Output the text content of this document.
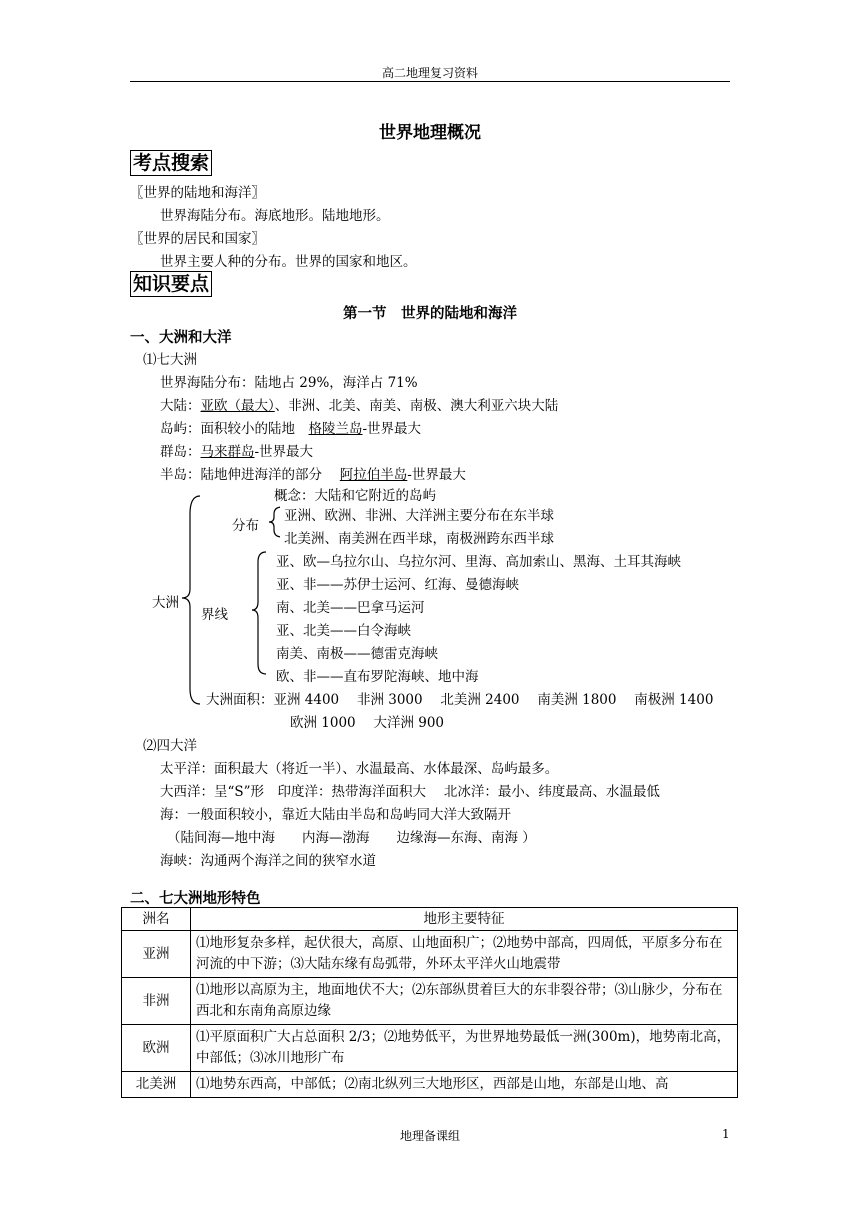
高二地理复习资料
世界地理概况
考点搜索
〖世界的陆地和海洋〗
世界海陆分布。海底地形。陆地地形。
〖世界的居民和国家〗
世界主要人种的分布。世界的国家和地区。
知识要点
第一节　世界的陆地和海洋
一、大洲和大洋
⑴七大洲
世界海陆分布：陆地占 29%，海洋占 71%
大陆：亚欧（最大）、非洲、北美、南美、南极、澳大利亚六块大陆
岛屿：面积较小的陆地　格陵兰岛-世界最大
群岛：马来群岛-世界最大
半岛：陆地伸进海洋的部分　 阿拉伯半岛-世界最大
大洲
概念：大陆和它附近的岛屿
分布
亚洲、欧洲、非洲、大洋洲主要分布在东半球
北美洲、南美洲在西半球，南极洲跨东西半球
界线
亚、欧—乌拉尔山、乌拉尔河、里海、高加索山、黑海、土耳其海峡
亚、非——苏伊士运河、红海、曼德海峡
南、北美——巴拿马运河
亚、北美——白令海峡
南美、南极——德雷克海峡
欧、非——直布罗陀海峡、地中海
大洲面积：亚洲 4400　 非洲 3000　 北美洲 2400　 南美洲 1800　 南极洲 1400
欧洲 1000　 大洋洲 900
⑵四大洋
太平洋：面积最大（将近一半）、水温最高、水体最深、岛屿最多。
大西洋：呈“S”形　印度洋：热带海洋面积大　 北冰洋：最小、纬度最高、水温最低
海：一般面积较小，靠近大陆由半岛和岛屿同大洋大致隔开
（陆间海—地中海　　内海—渤海　　边缘海—东海、南海 ）
海峡：沟通两个海洋之间的狭窄水道
二、七大洲地形特色
洲名	地形主要特征
亚洲	⑴地形复杂多样，起伏很大，高原、山地面积广；⑵地势中部高，四周低，平原多分布在河流的中下游；⑶大陆东缘有岛弧带，外环太平洋火山地震带
非洲	⑴地形以高原为主，地面地伏不大；⑵东部纵贯着巨大的东非裂谷带；⑶山脉少，分布在西北和东南角高原边缘
欧洲	⑴平原面积广大占总面积 2/3；⑵地势低平，为世界地势最低一洲(300m)，地势南北高，中部低；⑶冰川地形广布
北美洲	⑴地势东西高，中部低；⑵南北纵列三大地形区，西部是山地，东部是山地、高
地理备课组	1
